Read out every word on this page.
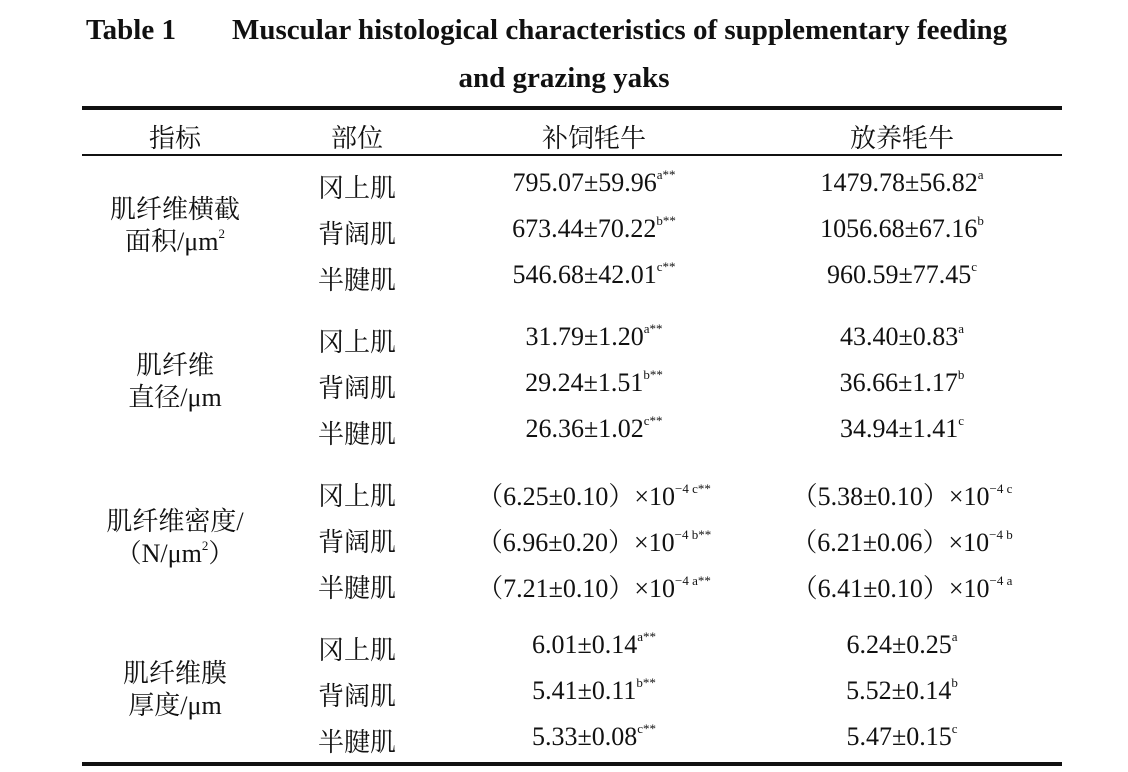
Table 1 Muscular histological characteristics of supplementary feeding
and grazing yaks
指标	部位	补饲牦牛	放养牦牛
肌纤维横截
面积$/\mu m^2$
冈上肌	$795.07\pm 59.96^{a**}$	1479.78±56.82$^a$
背阔肌	$673.44\pm 70.22^{b**}$	1056.68±67.16$^b$
半腱肌	$546.68\pm 42.01^{c**}$	960.59±77.45$^c$
肌纤维
直径/μm
冈上肌	$31.79\pm 1.20^{a**}$	43.40±0.83$^a$
背阔肌	$29.24\pm 1.51^{b**}$	36.66±1.17$^b$
半腱肌	$26.36\pm 1.02^{c**}$	34.94±1.41$^c$
肌纤维密度/
$(N/\mu m^2)$
冈上肌	$(6.25\pm 0.10)\times 10^{-4 c**}$	$(5.38\pm 0.10)\times 10^{-4 c}$
背阔肌	$(6.96\pm 0.20)\times 10^{-4 b**}$	$(6.21\pm 0.06)\times 10^{-4 b}$
半腱肌	$(7.21\pm 0.10)\times 10^{-4 a**}$	$(6.41\pm 0.10)\times 10^{-4 a}$
肌纤维膜
厚度/μm
冈上肌	$6.01\pm 0.14^{a**}$	6.24±0.25$^a$
背阔肌	$5.41\pm 0.11^{b**}$	5.52±0.14$^b$
半腱肌	$5.33\pm 0.08^{c**}$	5.47±0.15$^c$
